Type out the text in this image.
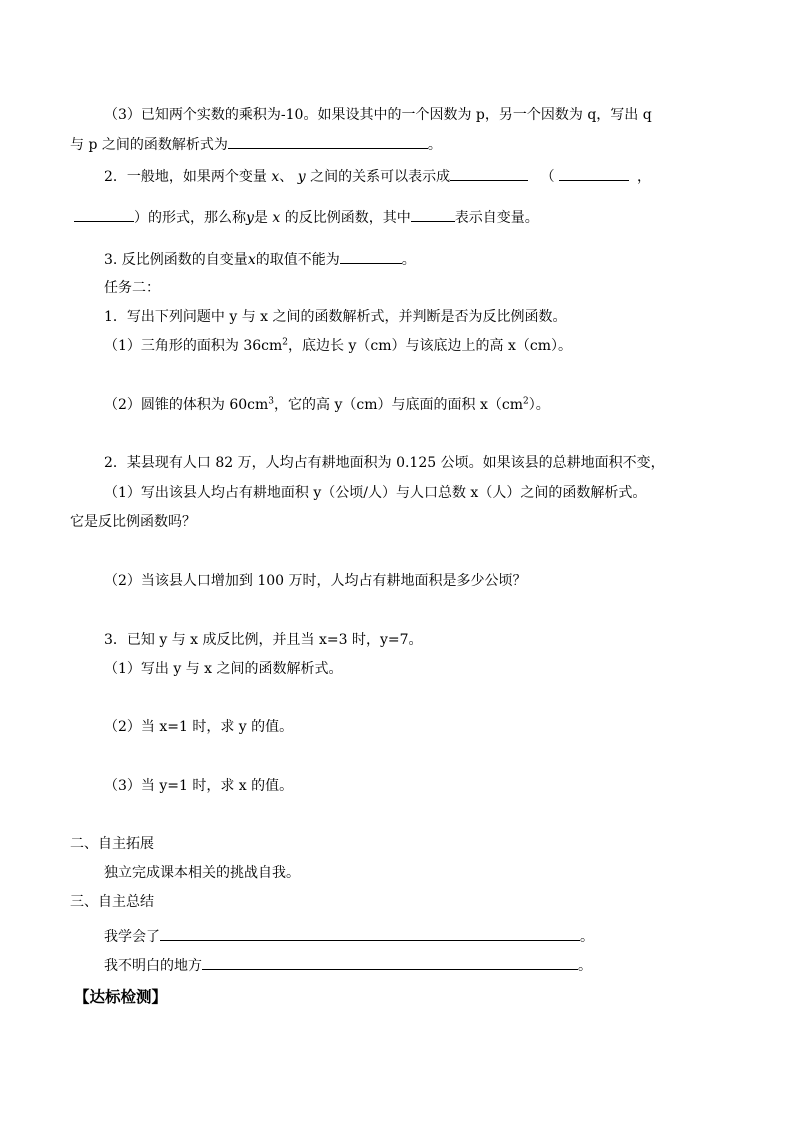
（3）已知两个实数的乘积为-10。如果设其中的一个因数为 p，另一个因数为 q，写出 q
与 p 之间的函数解析式为	。
2．一般地，如果两个变量 x、 y 之间的关系可以表示成	（	，
）的形式，那么称y是 x 的反比例函数，其中	表示自变量。
3. 反比例函数的自变量x的取值不能为	。
任务二：
1．写出下列问题中 y 与 x 之间的函数解析式，并判断是否为反比例函数。
（1）三角形的面积为 $36cm^2$，底边长 y（cm）与该底边上的高 x（cm）。
（2）圆锥的体积为 $60cm^3$，它的高 y（cm）与底面的面积 $x(cm^2)$。
2．某县现有人口 82 万，人均占有耕地面积为 0.125 公顷。如果该县的总耕地面积不变，
（1）写出该县人均占有耕地面积 y（公顷/人）与人口总数 x（人）之间的函数解析式。
它是反比例函数吗？
（2）当该县人口增加到 100 万时，人均占有耕地面积是多少公顷？
3．已知 y 与 x 成反比例，并且当 x=3 时，y=7。
（1）写出 y 与 x 之间的函数解析式。
（2）当 x=1 时，求 y 的值。
（3）当 y=1 时，求 x 的值。
二、自主拓展
独立完成课本相关的挑战自我。
三、自主总结
我学会了	。
我不明白的地方	。
【达标检测】
